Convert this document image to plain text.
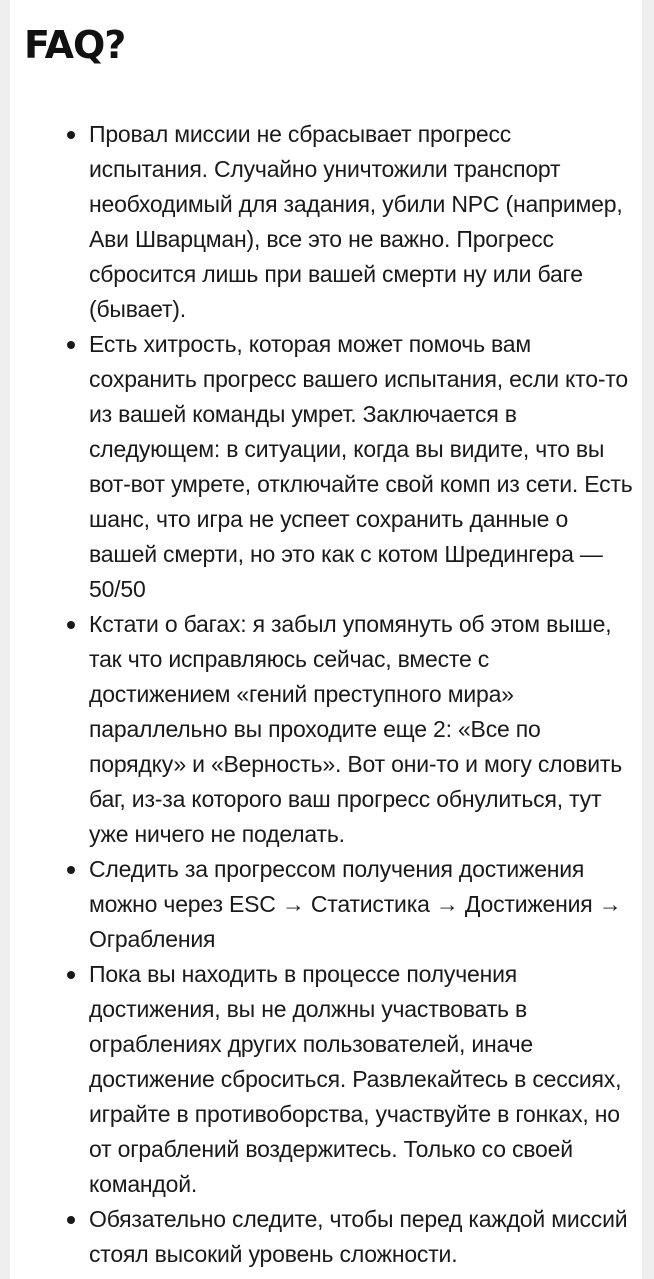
FAQ?
Провал миссии не сбрасывает прогресс испытания. Случайно уничтожили транспорт необходимый для задания, убили NPC (например, Ави Шварцман), все это не важно. Прогресс сбросится лишь при вашей смерти ну или баге (бывает).
Есть хитрость, которая может помочь вам сохранить прогресс вашего испытания, если кто-то из вашей команды умрет. Заключается в следующем: в ситуации, когда вы видите, что вы вот-вот умрете, отключайте свой комп из сети. Есть шанс, что игра не успеет сохранить данные о вашей смерти, но это как с котом Шредингера — 50/50
Кстати о багах: я забыл упомянуть об этом выше, так что исправляюсь сейчас, вместе с достижением «гений преступного мира» параллельно вы проходите еще 2: «Все по порядку» и «Верность». Вот они-то и могу словить баг, из-за которого ваш прогресс обнулиться, тут уже ничего не поделать.
Следить за прогрессом получения достижения можно через ESC → Статистика → Достижения → Ограбления
Пока вы находить в процессе получения достижения, вы не должны участвовать в ограблениях других пользователей, иначе достижение сброситься. Развлекайтесь в сессиях, играйте в противоборства, участвуйте в гонках, но от ограблений воздержитесь. Только со своей командой.
Обязательно следите, чтобы перед каждой миссий стоял высокий уровень сложности.
